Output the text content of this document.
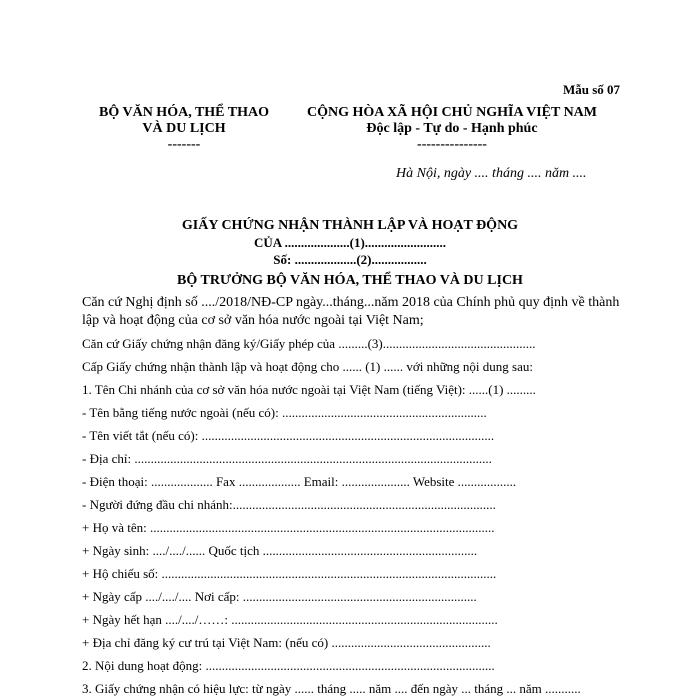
Mẫu số 07
BỘ VĂN HÓA, THỂ THAO
VÀ DU LỊCH
-------
CỘNG HÒA XÃ HỘI CHỦ NGHĨA VIỆT NAM
Độc lập - Tự do - Hạnh phúc
---------------
Hà Nội, ngày .... tháng .... năm ....
GIẤY CHỨNG NHẬN THÀNH LẬP VÀ HOẠT ĐỘNG
CỦA ....................(1).........................
Số: ...................(2).................
BỘ TRƯỞNG BỘ VĂN HÓA, THỂ THAO VÀ DU LỊCH
Căn cứ Nghị định số ..../2018/NĐ-CP ngày...tháng...năm 2018 của Chính phủ quy định về thành lập và hoạt động của cơ sở văn hóa nước ngoài tại Việt Nam;
Căn cứ Giấy chứng nhận đăng ký/Giấy phép của .........(3)...............................................
Cấp Giấy chứng nhận thành lập và hoạt động cho ...... (1) ...... với những nội dung sau:
1. Tên Chi nhánh của cơ sở văn hóa nước ngoài tại Việt Nam (tiếng Việt): ......(1) .........
- Tên bằng tiếng nước ngoài (nếu có): ...............................................................
- Tên viết tắt (nếu có): ..........................................................................................
- Địa chỉ: ..............................................................................................................
- Điện thoại: ................... Fax ................... Email: ..................... Website ..................
- Người đứng đầu chi nhánh:.................................................................................
+ Họ và tên: ..........................................................................................................
+ Ngày sinh: ..../..../...... Quốc tịch ..................................................................
+ Hộ chiếu số: .......................................................................................................
+ Ngày cấp ..../..../.... Nơi cấp: ........................................................................
+ Ngày hết hạn ..../..../……: ..................................................................................
+ Địa chỉ đăng ký cư trú tại Việt Nam: (nếu có) .................................................
2. Nội dung hoạt động: .........................................................................................
3. Giấy chứng nhận có hiệu lực: từ ngày ...... tháng ..... năm .... đến ngày ... tháng ... năm ...........
